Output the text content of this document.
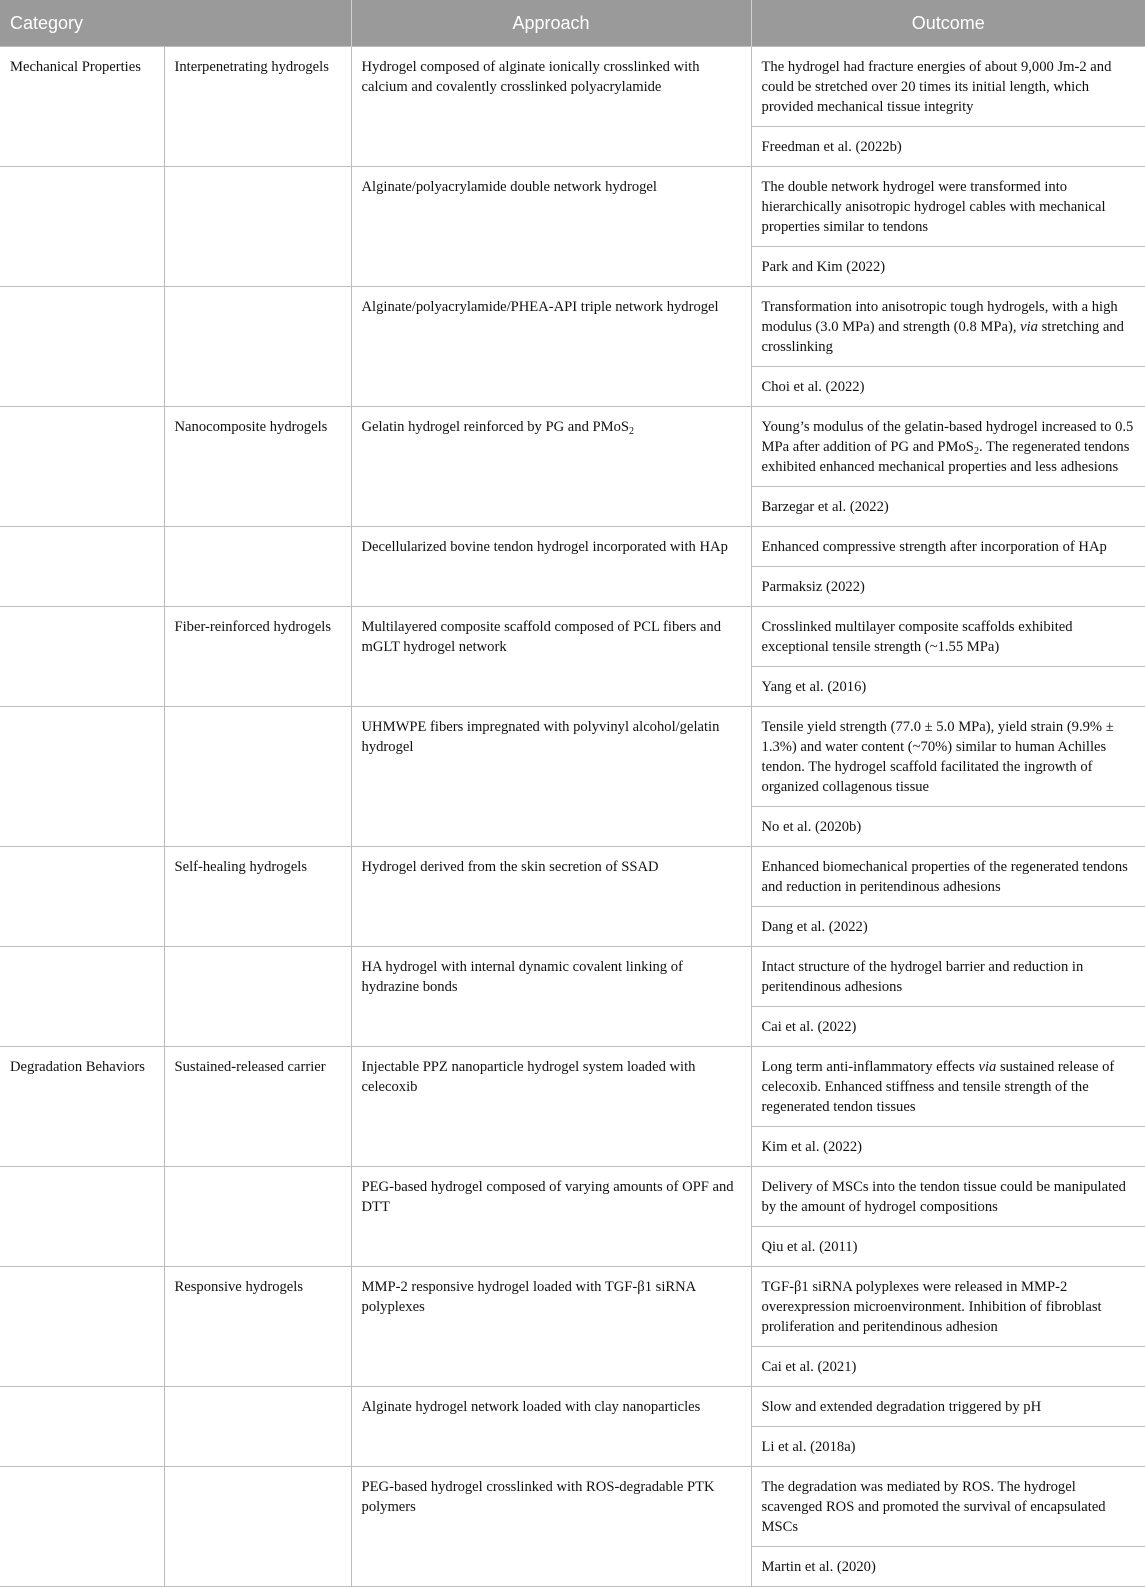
Category		Approach	Outcome
Mechanical Properties	Interpenetrating hydrogels	Hydrogel composed of alginate ionically crosslinked with calcium and covalently crosslinked polyacrylamide	The hydrogel had fracture energies of about 9,000 Jm-2 and could be stretched over 20 times its initial length, which provided mechanical tissue integrity
			Freedman et al. (2022b)
		Alginate/polyacrylamide double network hydrogel	The double network hydrogel were transformed into hierarchically anisotropic hydrogel cables with mechanical properties similar to tendons
			Park and Kim (2022)
		Alginate/polyacrylamide/PHEA-API triple network hydrogel	Transformation into anisotropic tough hydrogels, with a high modulus (3.0 MPa) and strength (0.8 MPa), via stretching and crosslinking
			Choi et al. (2022)
	Nanocomposite hydrogels	Gelatin hydrogel reinforced by PG and PMoS$_2$	Young’s modulus of the gelatin-based hydrogel increased to 0.5 MPa after addition of PG and PMoS$_2$. The regenerated tendons exhibited enhanced mechanical properties and less adhesions
			Barzegar et al. (2022)
		Decellularized bovine tendon hydrogel incorporated with HAp	Enhanced compressive strength after incorporation of HAp
			Parmaksiz (2022)
	Fiber-reinforced hydrogels	Multilayered composite scaffold composed of PCL fibers and mGLT hydrogel network	Crosslinked multilayer composite scaffolds exhibited exceptional tensile strength (~1.55 MPa)
			Yang et al. (2016)
		UHMWPE fibers impregnated with polyvinyl alcohol/gelatin hydrogel	Tensile yield strength (77.0 ± 5.0 MPa), yield strain (9.9% ± 1.3%) and water content (~70%) similar to human Achilles tendon. The hydrogel scaffold facilitated the ingrowth of organized collagenous tissue
			No et al. (2020b)
	Self-healing hydrogels	Hydrogel derived from the skin secretion of SSAD	Enhanced biomechanical properties of the regenerated tendons and reduction in peritendinous adhesions
			Dang et al. (2022)
		HA hydrogel with internal dynamic covalent linking of hydrazine bonds	Intact structure of the hydrogel barrier and reduction in peritendinous adhesions
			Cai et al. (2022)
Degradation Behaviors	Sustained-released carrier	Injectable PPZ nanoparticle hydrogel system loaded with celecoxib	Long term anti-inflammatory effects via sustained release of celecoxib. Enhanced stiffness and tensile strength of the regenerated tendon tissues
			Kim et al. (2022)
		PEG-based hydrogel composed of varying amounts of OPF and DTT	Delivery of MSCs into the tendon tissue could be manipulated by the amount of hydrogel compositions
			Qiu et al. (2011)
	Responsive hydrogels	MMP-2 responsive hydrogel loaded with TGF-β1 siRNA polyplexes	TGF-β1 siRNA polyplexes were released in MMP-2 overexpression microenvironment. Inhibition of fibroblast proliferation and peritendinous adhesion
			Cai et al. (2021)
		Alginate hydrogel network loaded with clay nanoparticles	Slow and extended degradation triggered by pH
			Li et al. (2018a)
		PEG-based hydrogel crosslinked with ROS-degradable PTK polymers	The degradation was mediated by ROS. The hydrogel scavenged ROS and promoted the survival of encapsulated MSCs
			Martin et al. (2020)
